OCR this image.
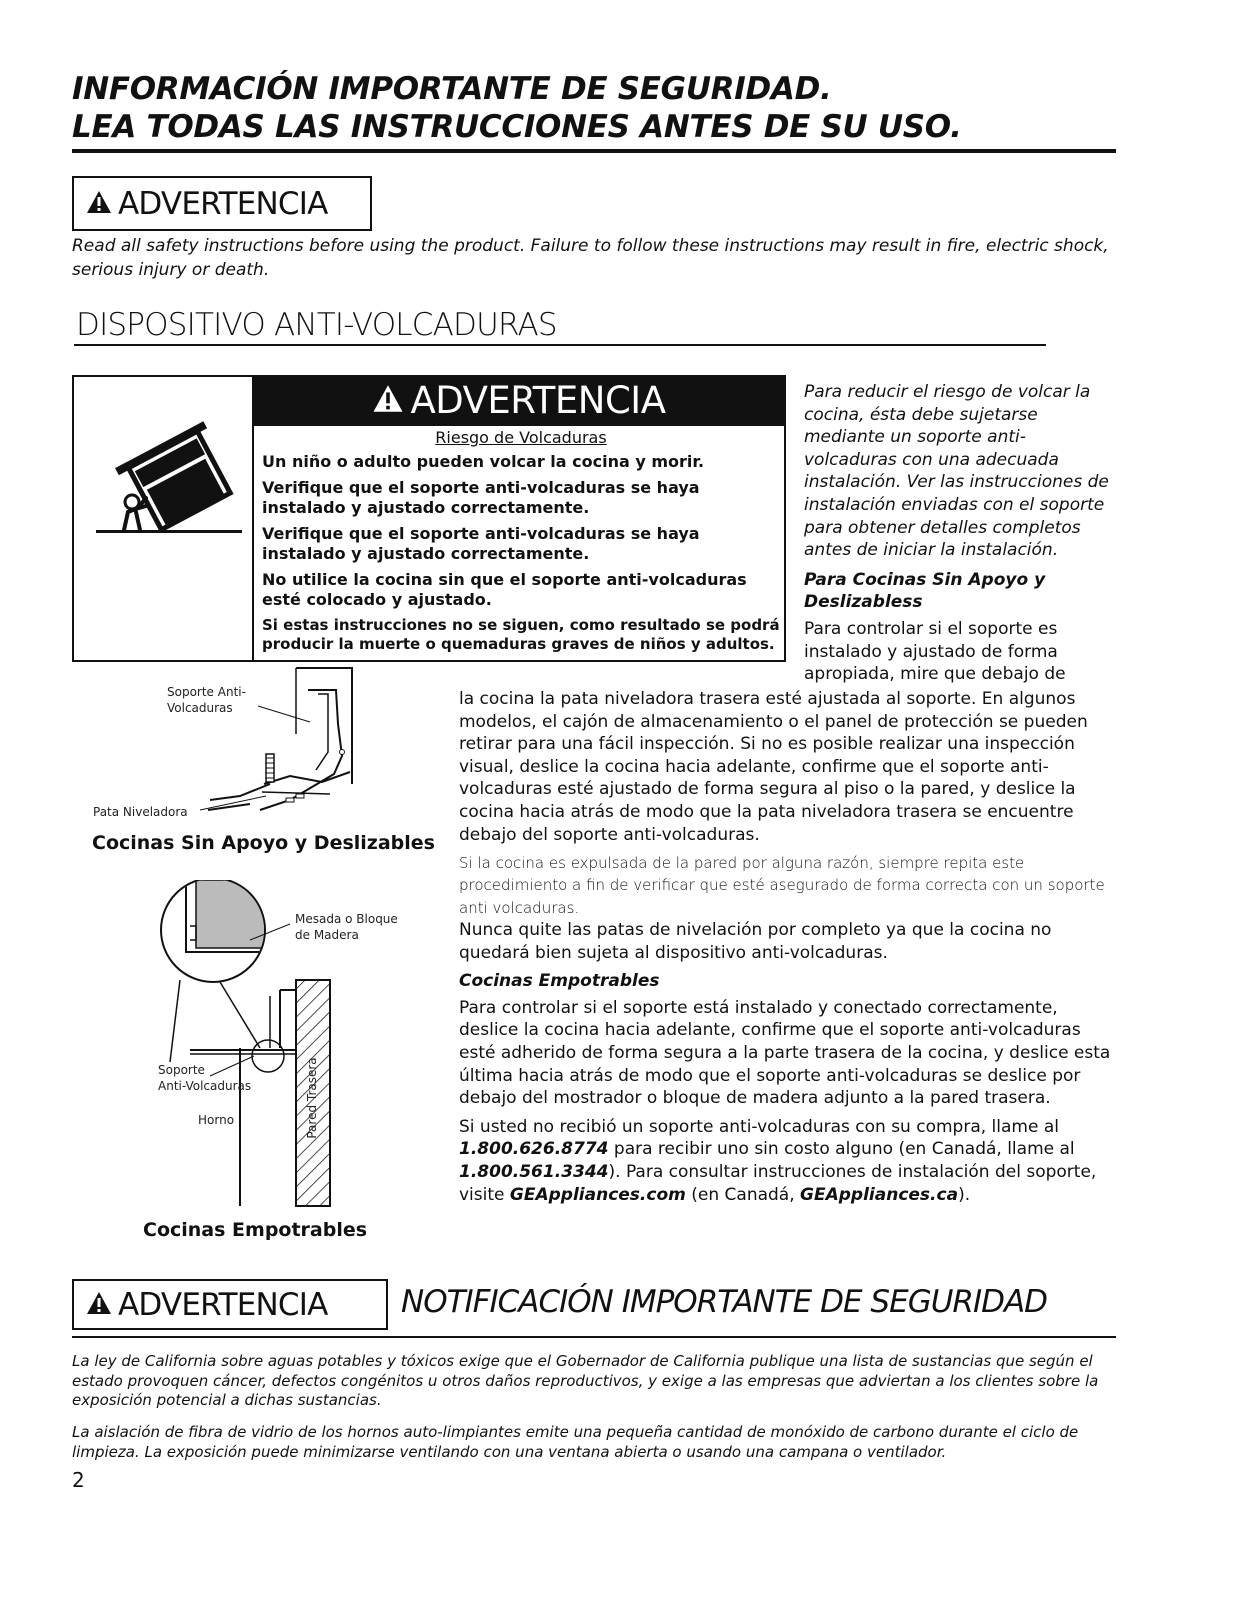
INFORMACIÓN IMPORTANTE DE SEGURIDAD.
LEA TODAS LAS INSTRUCCIONES ANTES DE SU USO.
ADVERTENCIA
Read all safety instructions before using the product. Failure to follow these instructions may result in fire, electric shock, serious injury or death.
DISPOSITIVO ANTI-VOLCADURAS
ADVERTENCIA
Riesgo de Volcaduras

Un niño o adulto pueden volcar la cocina y morir.

Verifique que el soporte anti-volcaduras se haya instalado y ajustado correctamente.

Verifique que el soporte anti-volcaduras se haya instalado y ajustado correctamente.

No utilice la cocina sin que el soporte anti-volcaduras esté colocado y ajustado.

Si estas instrucciones no se siguen, como resultado se podrá producir la muerte o quemaduras graves de niños y adultos.

Para reducir el riesgo de volcar la cocina, ésta debe sujetarse mediante un soporte anti-volcaduras con una adecuada instalación. Ver las instrucciones de instalación enviadas con el soporte para obtener detalles completos antes de iniciar la instalación.

Para Cocinas Sin Apoyo y Deslizabless

Para controlar si el soporte es instalado y ajustado de forma apropiada, mire que debajo de

Soporte Anti-
Volcaduras
Pata Niveladora
Cocinas Sin Apoyo y Deslizables
Mesada o Bloque
de Madera
Soporte
Anti-Volcaduras
Horno	Pared Trasera
Cocinas Empotrables

la cocina la pata niveladora trasera esté ajustada al soporte. En algunos modelos, el cajón de almacenamiento o el panel de protección se pueden retirar para una fácil inspección. Si no es posible realizar una inspección visual, deslice la cocina hacia adelante, confirme que el soporte anti-volcaduras esté ajustado de forma segura al piso o la pared, y deslice la cocina hacia atrás de modo que la pata niveladora trasera se encuentre debajo del soporte anti-volcaduras.

Si la cocina es expulsada de la pared por alguna razón, siempre repita este procedimiento a fin de verificar que esté asegurado de forma correcta con un soporte anti volcaduras.

Nunca quite las patas de nivelación por completo ya que la cocina no quedará bien sujeta al dispositivo anti-volcaduras.

Cocinas Empotrables

Para controlar si el soporte está instalado y conectado correctamente, deslice la cocina hacia adelante, confirme que el soporte anti-volcaduras esté adherido de forma segura a la parte trasera de la cocina, y deslice esta última hacia atrás de modo que el soporte anti-volcaduras se deslice por debajo del mostrador o bloque de madera adjunto a la pared trasera.

Si usted no recibió un soporte anti-volcaduras con su compra, llame al 1.800.626.8774 para recibir uno sin costo alguno (en Canadá, llame al 1.800.561.3344). Para consultar instrucciones de instalación del soporte, visite GEAppliances.com (en Canadá, GEAppliances.ca).

ADVERTENCIA NOTIFICACIÓN IMPORTANTE DE SEGURIDAD
La ley de California sobre aguas potables y tóxicos exige que el Gobernador de California publique una lista de sustancias que según el estado provoquen cáncer, defectos congénitos u otros daños reproductivos, y exige a las empresas que adviertan a los clientes sobre la exposición potencial a dichas sustancias.
La aislación de fibra de vidrio de los hornos auto-limpiantes emite una pequeña cantidad de monóxido de carbono durante el ciclo de limpieza. La exposición puede minimizarse ventilando con una ventana abierta o usando una campana o ventilador.
2
